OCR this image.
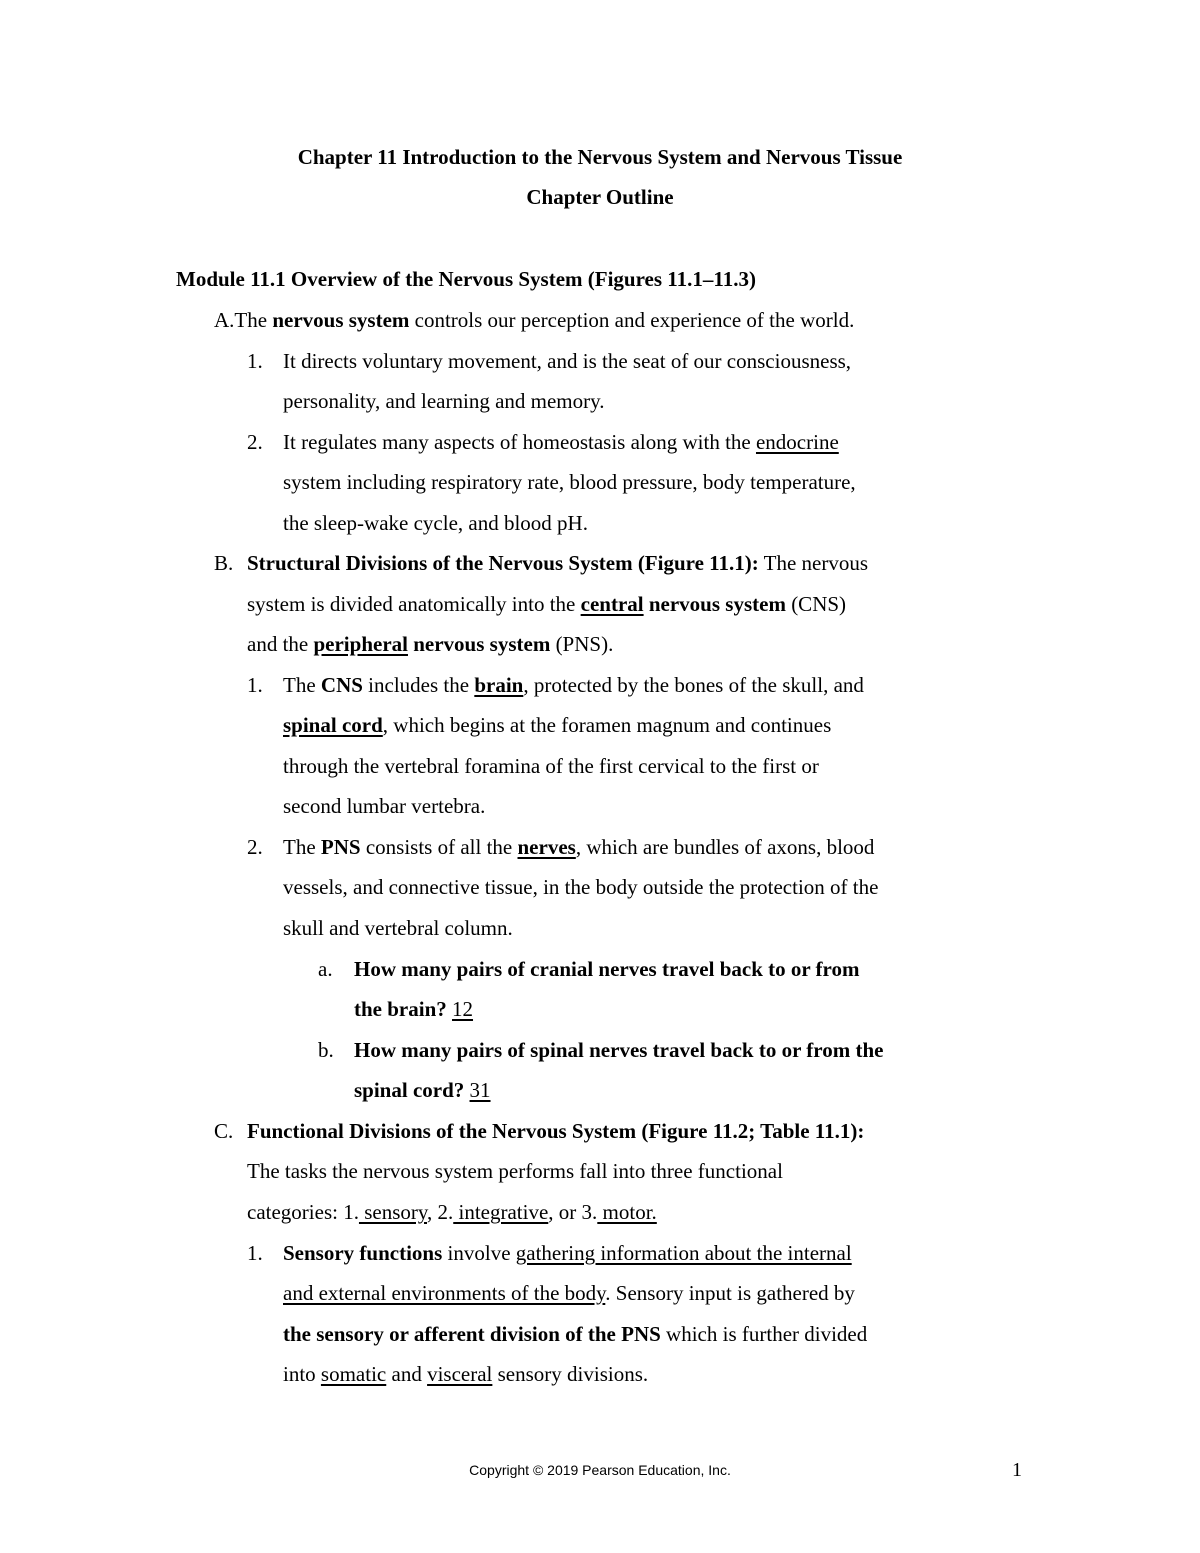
Chapter 11 Introduction to the Nervous System and Nervous Tissue
Chapter Outline
Module 11.1 Overview of the Nervous System (Figures 11.1–11.3)
A.The nervous system controls our perception and experience of the world.
1. It directs voluntary movement, and is the seat of our consciousness,
personality, and learning and memory.
2. It regulates many aspects of homeostasis along with the endocrine
system including respiratory rate, blood pressure, body temperature,
the sleep-wake cycle, and blood pH.
B. Structural Divisions of the Nervous System (Figure 11.1): The nervous
system is divided anatomically into the central nervous system (CNS)
and the peripheral nervous system (PNS).
1. The CNS includes the brain, protected by the bones of the skull, and
spinal cord, which begins at the foramen magnum and continues
through the vertebral foramina of the first cervical to the first or
second lumbar vertebra.
2. The PNS consists of all the nerves, which are bundles of axons, blood
vessels, and connective tissue, in the body outside the protection of the
skull and vertebral column.
a. How many pairs of cranial nerves travel back to or from
the brain? 12
b. How many pairs of spinal nerves travel back to or from the
spinal cord? 31
C. Functional Divisions of the Nervous System (Figure 11.2; Table 11.1):
The tasks the nervous system performs fall into three functional
categories: 1. sensory, 2. integrative, or 3. motor.
1. Sensory functions involve gathering information about the internal
and external environments of the body. Sensory input is gathered by
the sensory or afferent division of the PNS which is further divided
into somatic and visceral sensory divisions.
Copyright © 2019 Pearson Education, Inc.	1
